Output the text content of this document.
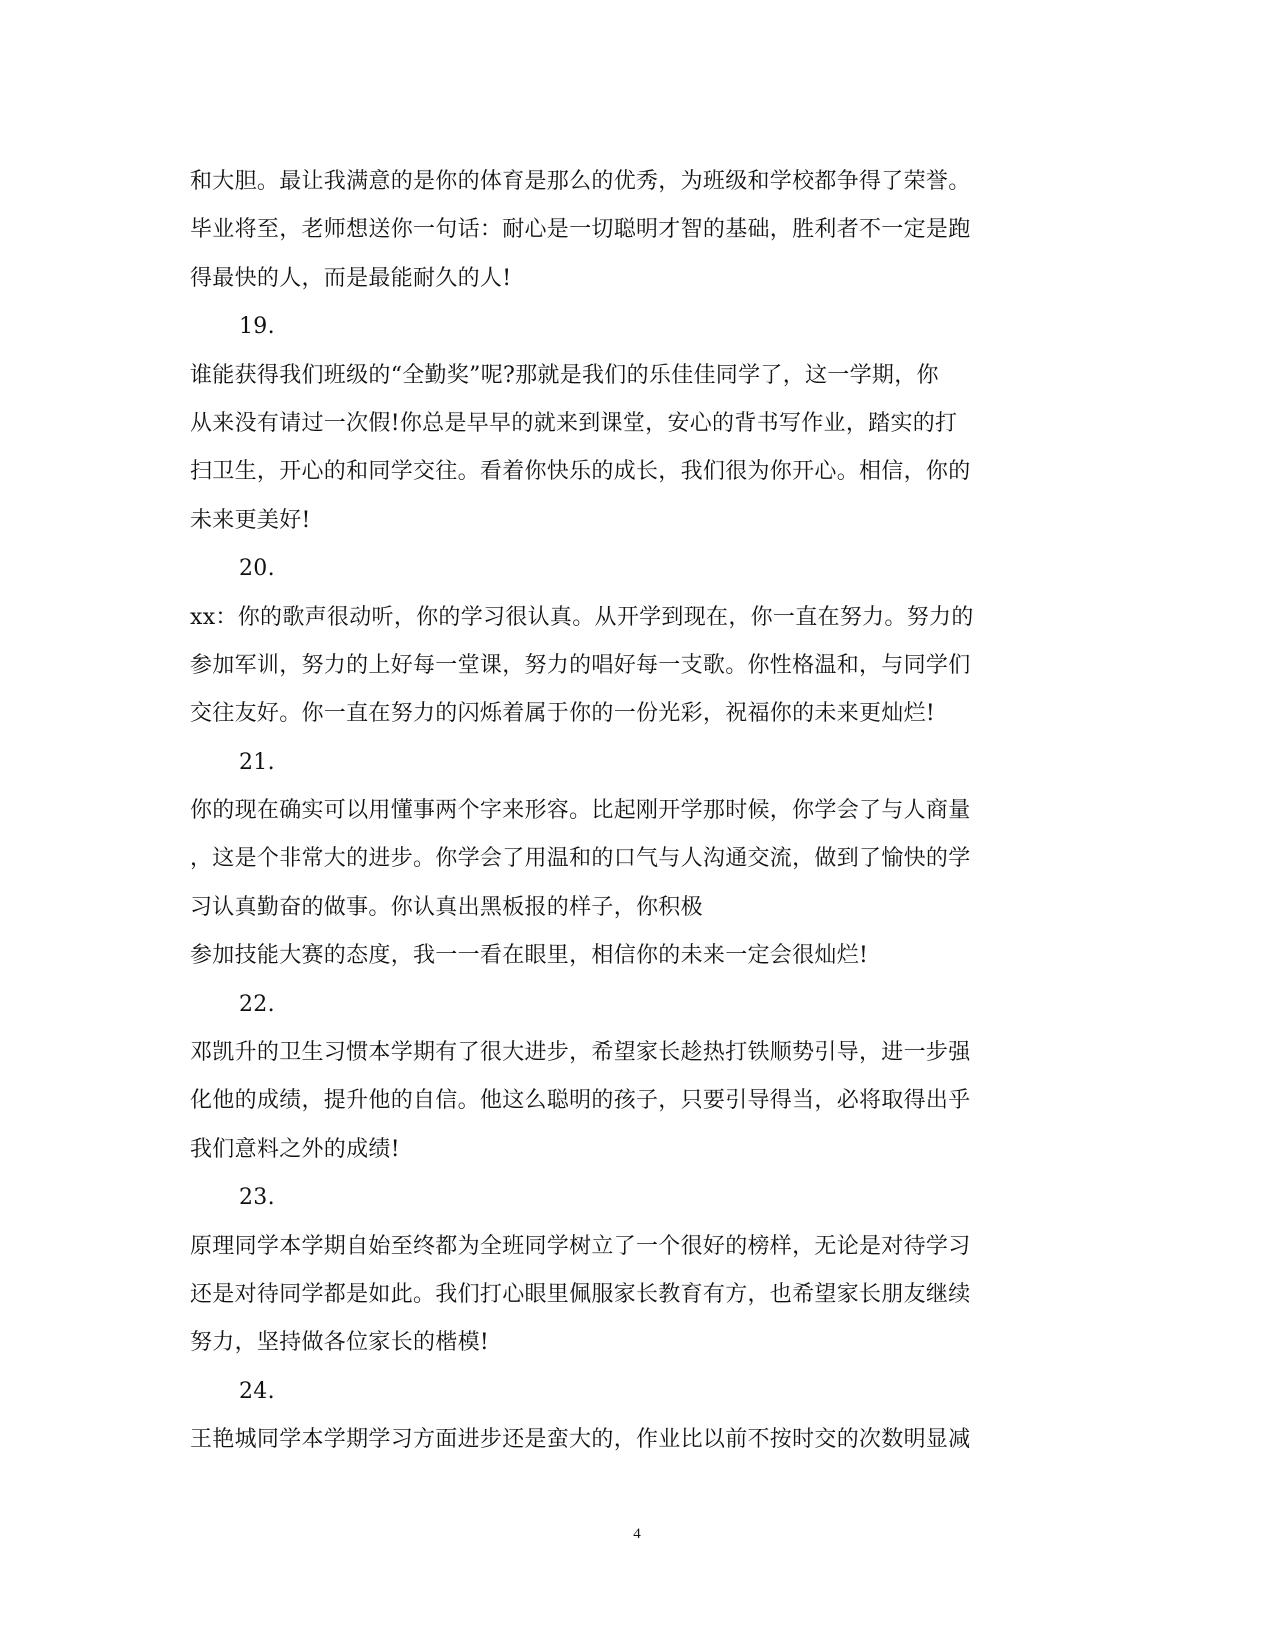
和大胆。最让我满意的是你的体育是那么的优秀，为班级和学校都争得了荣誉。
毕业将至，老师想送你一句话：耐心是一切聪明才智的基础，胜利者不一定是跑
得最快的人，而是最能耐久的人!
19.
谁能获得我们班级的“全勤奖”呢?那就是我们的乐佳佳同学了，这一学期，你
从来没有请过一次假!你总是早早的就来到课堂，安心的背书写作业，踏实的打
扫卫生，开心的和同学交往。看着你快乐的成长，我们很为你开心。相信，你的
未来更美好!
20.
xx：你的歌声很动听，你的学习很认真。从开学到现在，你一直在努力。努力的
参加军训，努力的上好每一堂课，努力的唱好每一支歌。你性格温和，与同学们
交往友好。你一直在努力的闪烁着属于你的一份光彩，祝福你的未来更灿烂!
21.
你的现在确实可以用懂事两个字来形容。比起刚开学那时候，你学会了与人商量
，这是个非常大的进步。你学会了用温和的口气与人沟通交流，做到了愉快的学
习认真勤奋的做事。你认真出黑板报的样子，你积极
参加技能大赛的态度，我一一看在眼里，相信你的未来一定会很灿烂!
22.
邓凯升的卫生习惯本学期有了很大进步，希望家长趁热打铁顺势引导，进一步强
化他的成绩，提升他的自信。他这么聪明的孩子，只要引导得当，必将取得出乎
我们意料之外的成绩!
23.
原理同学本学期自始至终都为全班同学树立了一个很好的榜样，无论是对待学习
还是对待同学都是如此。我们打心眼里佩服家长教育有方，也希望家长朋友继续
努力，坚持做各位家长的楷模!
24.
王艳城同学本学期学习方面进步还是蛮大的，作业比以前不按时交的次数明显减
4
